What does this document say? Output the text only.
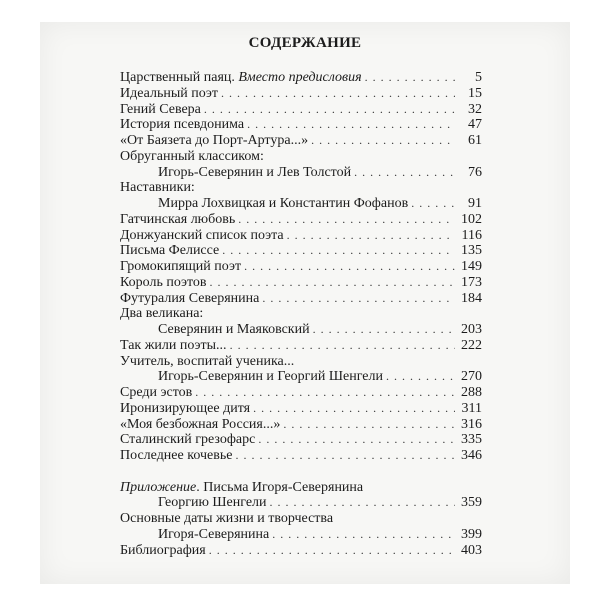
СОДЕРЖАНИЕ
Царственный паяц. Вместо предисловия . . .	5
Идеальный поэт . . .	15
Гений Севера . . .	32
История псевдонима . . .	47
«От Баязета до Порт-Артура...» . . .	61
Обруганный классиком:
Игорь-Северянин и Лев Толстой . . .	76
Наставники:
Мирра Лохвицкая и Константин Фофанов . . .	91
Гатчинская любовь . . .	102
Донжуанский список поэта . . .	116
Письма Фелиссе . . .	135
Громокипящий поэт . . .	149
Король поэтов . . .	173
Футуралия Северянина . . .	184
Два великана:
Северянин и Маяковский . . .	203
Так жили поэты... . . .	222
Учитель, воспитай ученика...
Игорь-Северянин и Георгий Шенгели . . .	270
Среди эстов . . .	288
Иронизирующее дитя . . .	311
«Моя безбожная Россия...» . . .	316
Сталинский грезофарс . . .	335
Последнее кочевье . . .	346
Приложение. Письма Игоря-Северянина
Георгию Шенгели . . .	359
Основные даты жизни и творчества
Игоря-Северянина . . .	399
Библиография . . .	403
